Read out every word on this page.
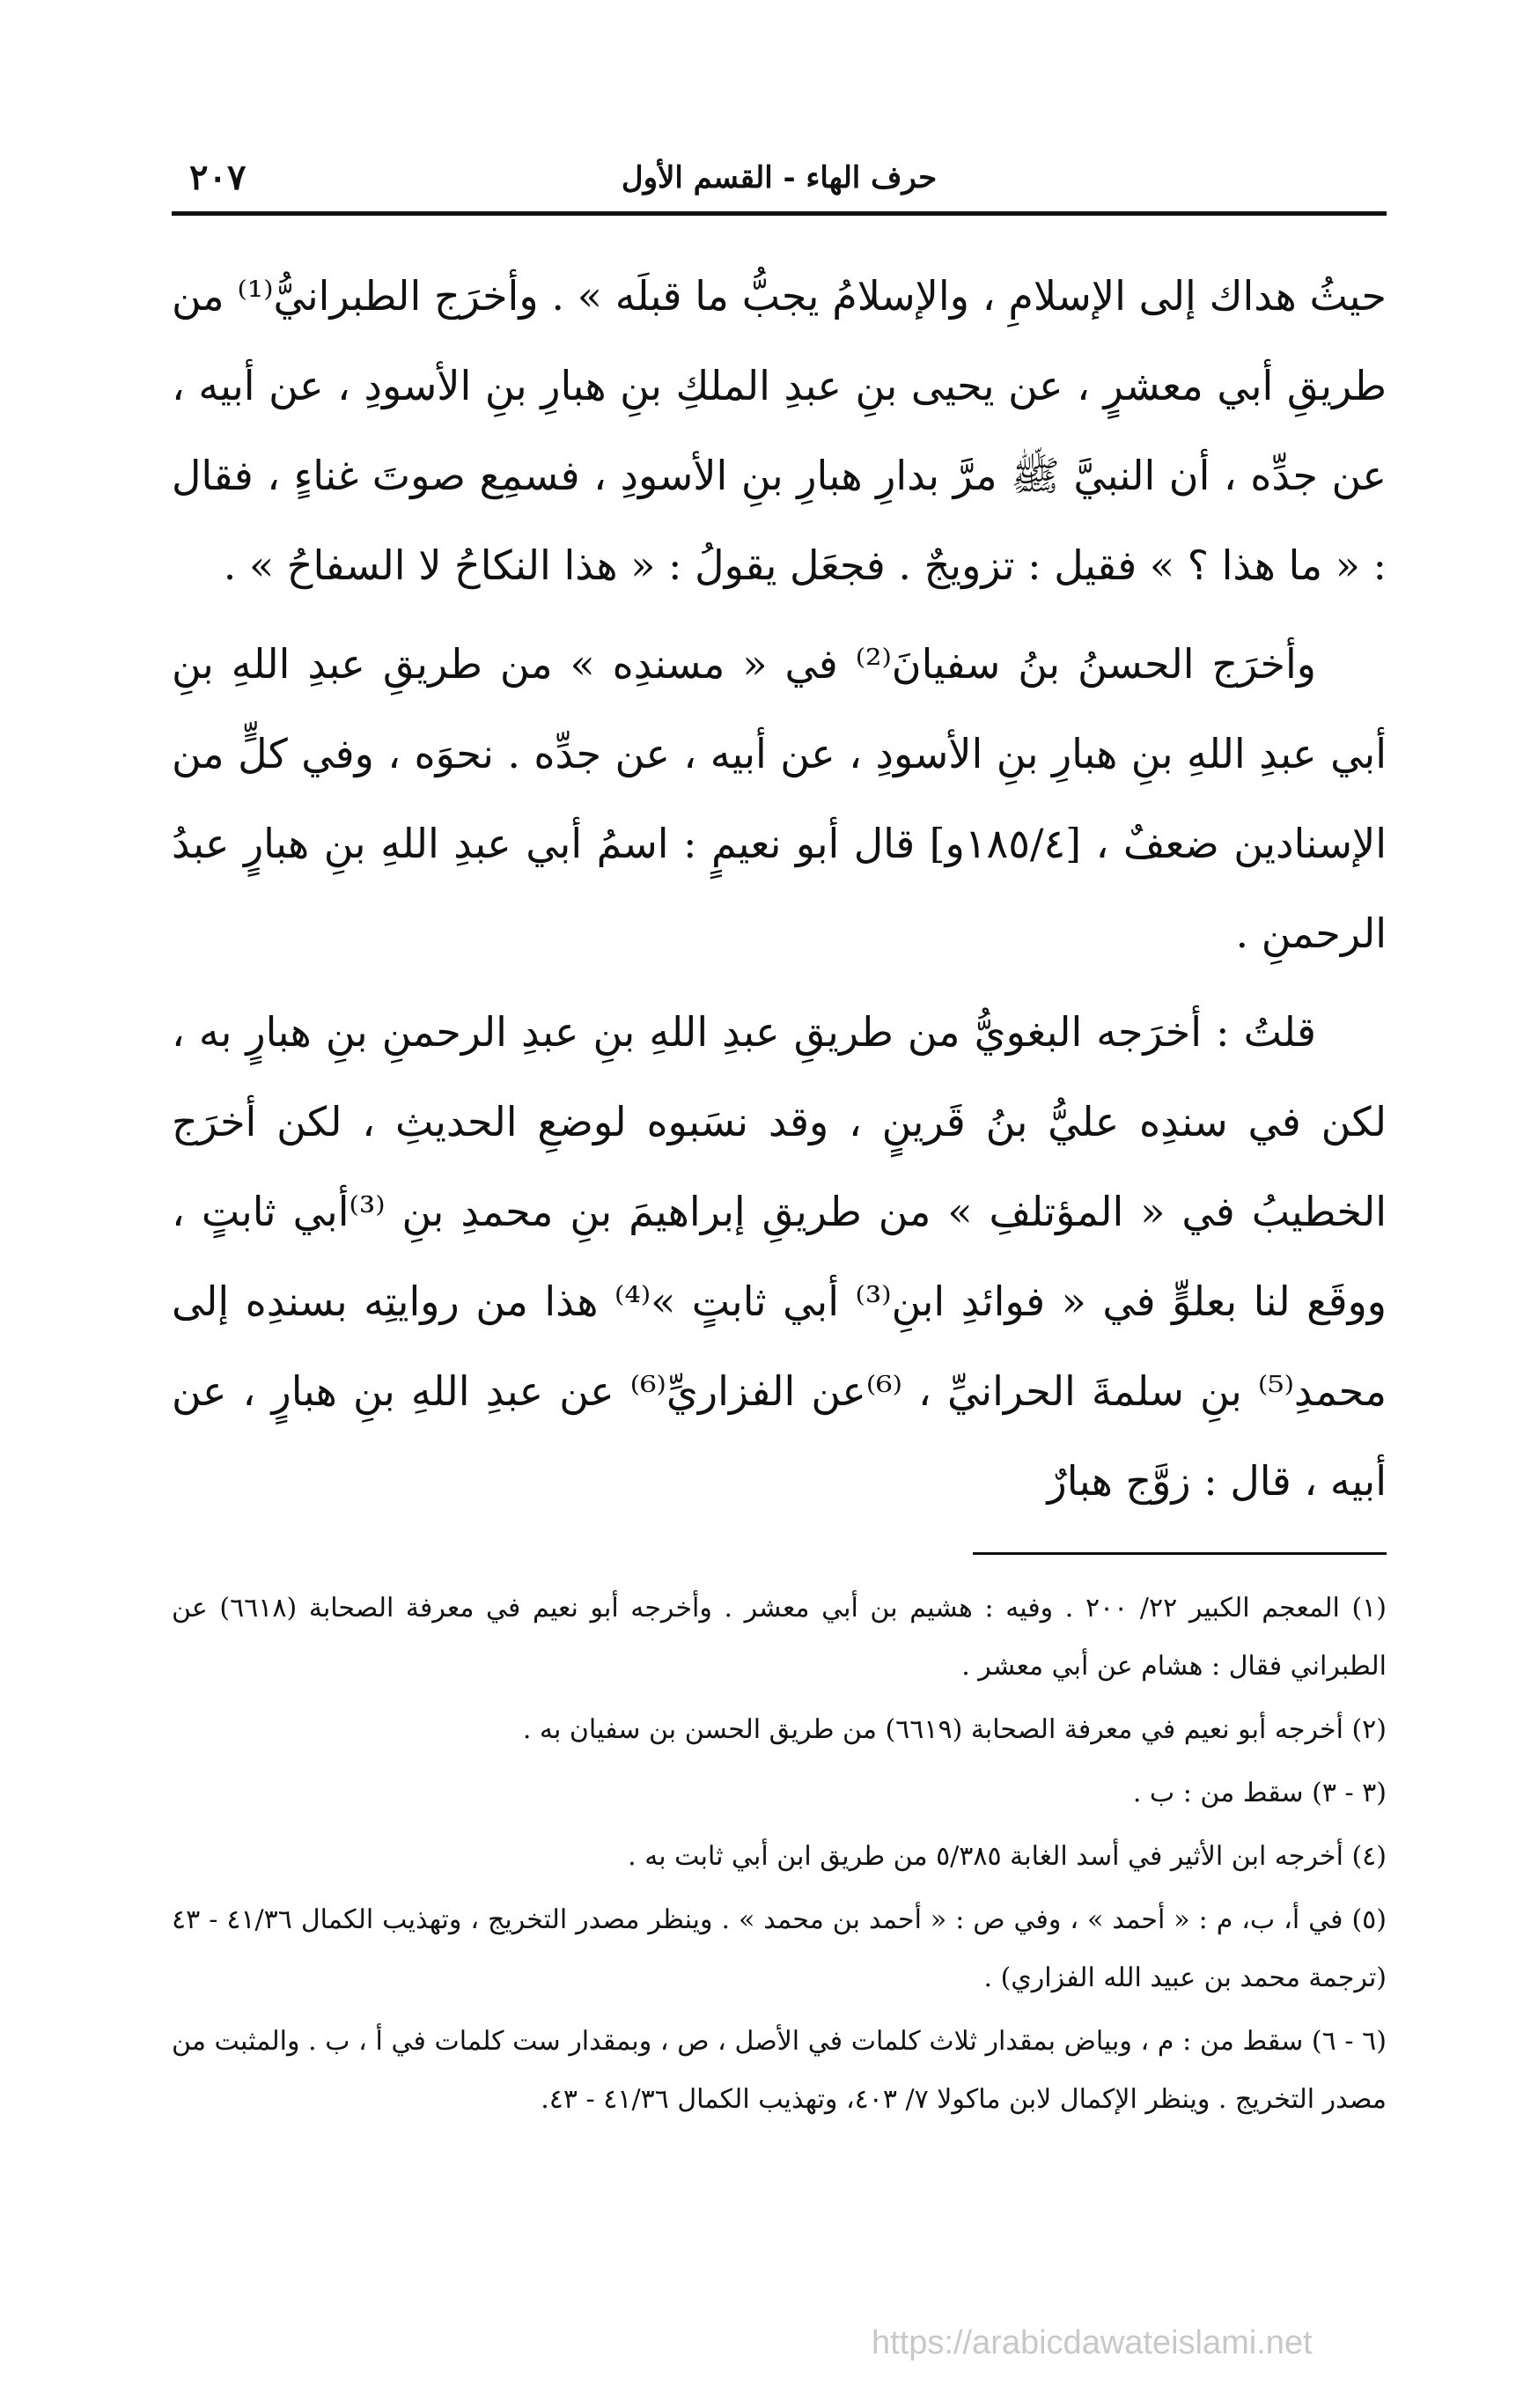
حرف الهاء - القسم الأول
٢٠٧

حيثُ هداك إلى الإسلامِ ، والإسلامُ يجبُّ ما قبلَه » . وأخرَج الطبرانيُّ⁽¹⁾ من طريقِ أبي معشرٍ ، عن يحيى بنِ عبدِ الملكِ بنِ هبارِ بنِ الأسودِ ، عن أبيه ، عن جدِّه ، أن النبيَّ ﷺ مرَّ بدارِ هبارِ بنِ الأسودِ ، فسمِع صوتَ غناءٍ ، فقال : « ما هذا ؟ » فقيل : تزويجٌ . فجعَل يقولُ : « هذا النكاحُ لا السفاحُ » .

وأخرَج الحسنُ بنُ سفيانَ⁽²⁾ في « مسندِه » من طريقِ عبدِ اللهِ بنِ أبي عبدِ اللهِ بنِ هبارِ بنِ الأسودِ ، عن أبيه ، عن جدِّه . نحوَه ، وفي كلٍّ من الإسنادين ضعفٌ ، [١٨٥/٤و] قال أبو نعيمٍ : اسمُ أبي عبدِ اللهِ بنِ هبارٍ عبدُ الرحمنِ .

قلتُ : أخرَجه البغويُّ من طريقِ عبدِ اللهِ بنِ عبدِ الرحمنِ بنِ هبارٍ به ، لكن في سندِه عليُّ بنُ قَرينٍ ، وقد نسَبوه لوضعِ الحديثِ ، لكن أخرَج الخطيبُ في « المؤتلفِ » من طريقِ إبراهيمَ بنِ محمدِ بنِ ⁽³⁾أبي ثابتٍ ، ووقَع لنا بعلوٍّ في « فوائدِ ابنِ⁽³⁾ أبي ثابتٍ »⁽⁴⁾ هذا من روايتِه بسندِه إلى محمدِ⁽⁵⁾ بنِ سلمةَ الحرانيِّ ، ⁽⁶⁾عن الفزاريِّ⁽⁶⁾ عن عبدِ اللهِ بنِ هبارٍ ، عن أبيه ، قال : زوَّج هبارٌ

(١) المعجم الكبير ٢٢/ ٢٠٠ . وفيه : هشيم بن أبي معشر . وأخرجه أبو نعيم في معرفة الصحابة (٦٦١٨) عن الطبراني فقال : هشام عن أبي معشر .

(٢) أخرجه أبو نعيم في معرفة الصحابة (٦٦١٩) من طريق الحسن بن سفيان به .

(٣ - ٣) سقط من : ب .

(٤) أخرجه ابن الأثير في أسد الغابة ٥/٣٨٥ من طريق ابن أبي ثابت به .

(٥) في أ، ب، م : « أحمد » ، وفي ص : « أحمد بن محمد » . وينظر مصدر التخريج ، وتهذيب الكمال ٤١/٣٦ - ٤٣ (ترجمة محمد بن عبيد الله الفزاري) .

(٦ - ٦) سقط من : م ، وبياض بمقدار ثلاث كلمات في الأصل ، ص ، وبمقدار ست كلمات في أ ، ب . والمثبت من مصدر التخريج . وينظر الإكمال لابن ماكولا ٧/ ٤٠٣، وتهذيب الكمال ٤١/٣٦ - ٤٣.

https://arabicdawateislami.net
